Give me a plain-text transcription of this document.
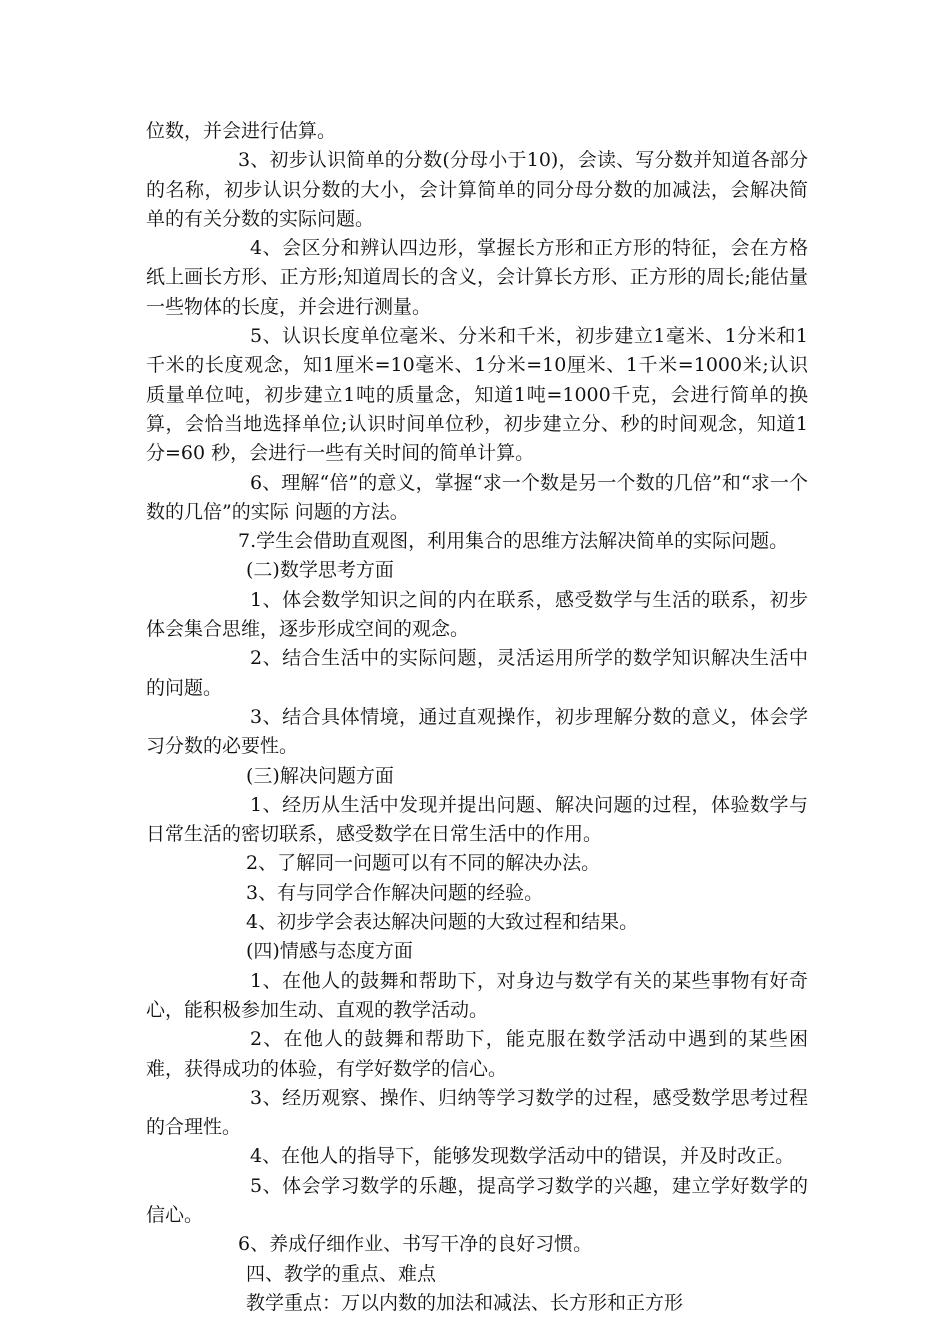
位数，并会进行估算。

3、初步认识简单的分数(分母小于10)，会读、写分数并知道各部分的名称，初步认识分数的大小，会计算简单的同分母分数的加减法，会解决简单的有关分数的实际问题。

4、会区分和辨认四边形，掌握长方形和正方形的特征，会在方格纸上画长方形、正方形;知道周长的含义，会计算长方形、正方形的周长;能估量一些物体的长度，并会进行测量。

5、认识长度单位毫米、分米和千米，初步建立1毫米、1分米和1千米的长度观念，知1厘米=10毫米、1分米=10厘米、1千米=1000米;认识质量单位吨，初步建立1吨的质量念，知道1吨=1000千克，会进行简单的换算，会恰当地选择单位;认识时间单位秒，初步建立分、秒的时间观念，知道1分=60 秒，会进行一些有关时间的简单计算。

6、理解“倍”的意义，掌握“求一个数是另一个数的几倍”和“求一个数的几倍”的实际 问题的方法。

7.学生会借助直观图，利用集合的思维方法解决简单的实际问题。

(二)数学思考方面

1、体会数学知识之间的内在联系，感受数学与生活的联系，初步体会集合思维，逐步形成空间的观念。

2、结合生活中的实际问题，灵活运用所学的数学知识解决生活中的问题。

3、结合具体情境，通过直观操作，初步理解分数的意义，体会学习分数的必要性。

(三)解决问题方面

1、经历从生活中发现并提出问题、解决问题的过程，体验数学与日常生活的密切联系，感受数学在日常生活中的作用。

2、了解同一问题可以有不同的解决办法。

3、有与同学合作解决问题的经验。

4、初步学会表达解决问题的大致过程和结果。

(四)情感与态度方面

1、在他人的鼓舞和帮助下，对身边与数学有关的某些事物有好奇心，能积极参加生动、直观的教学活动。

2、在他人的鼓舞和帮助下，能克服在数学活动中遇到的某些困难，获得成功的体验，有学好数学的信心。

3、经历观察、操作、归纳等学习数学的过程，感受数学思考过程的合理性。

4、在他人的指导下，能够发现数学活动中的错误，并及时改正。

5、体会学习数学的乐趣，提高学习数学的兴趣，建立学好数学的信心。

6、养成仔细作业、书写干净的良好习惯。

四、教学的重点、难点

教学重点：万以内数的加法和减法、长方形和正方形
